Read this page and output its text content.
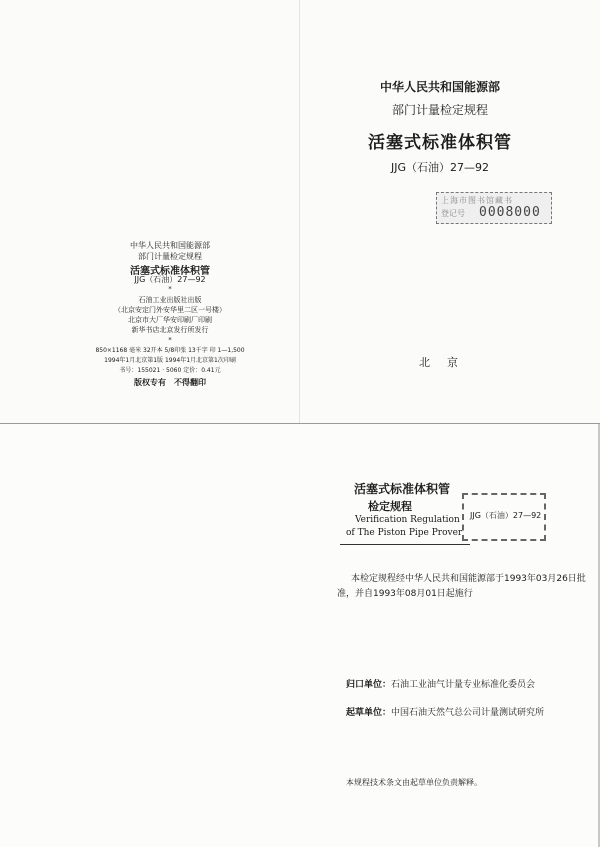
中华人民共和国能源部
部门计量检定规程
活塞式标准体积管
JJG（石油）27—92
上海市图书馆藏书
登记号 0008000
北　京
中华人民共和国能源部
部门计量检定规程
活塞式标准体积管
JJG（石油）27—92
*
石油工业出版社出版
（北京安定门外安华里二区一号楼）
北京市大厂华安印刷厂印刷
新华书店北京发行所发行
*
850×1168 毫米 32开本 5/8印张 13千字 印 1—1,500
1994年1月北京第1版 1994年1月北京第1次印刷
书号：155021 · 5060 定价：0.41元
版权专有　不得翻印
活塞式标准体积管
检定规程
Verification Regulation
of The Piston Pipe Prover
JJG（石油）27—92
本检定规程经中华人民共和国能源部于1993年03月26日批
准，并自1993年08月01日起施行
归口单位：石油工业油气计量专业标准化委员会
起草单位：中国石油天然气总公司计量测试研究所
本规程技术条文由起草单位负责解释。
